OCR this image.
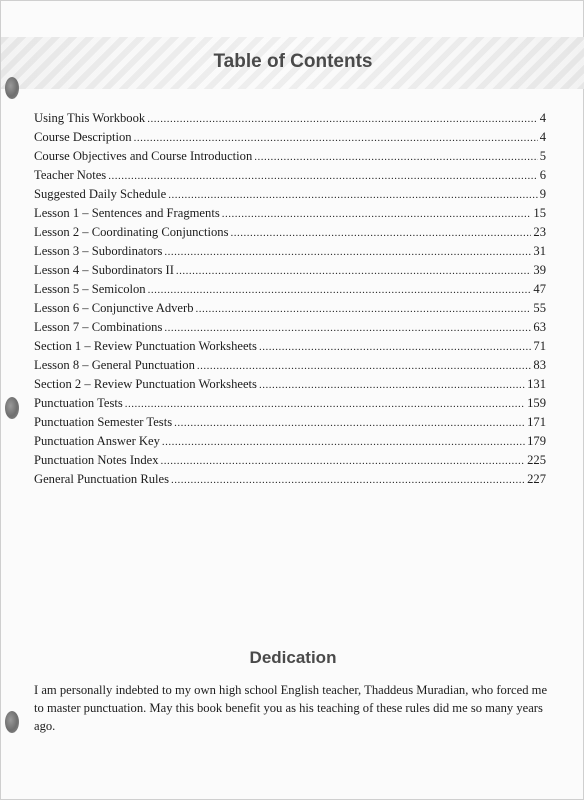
Table of Contents
Using This Workbook .....	4
Course Description .....	4
Course Objectives and Course Introduction .....	5
Teacher Notes .....	6
Suggested Daily Schedule .....	9
Lesson 1 – Sentences and Fragments .....	15
Lesson 2 – Coordinating Conjunctions .....	23
Lesson 3 – Subordinators .....	31
Lesson 4 – Subordinators II .....	39
Lesson 5 – Semicolon .....	47
Lesson 6 – Conjunctive Adverb .....	55
Lesson 7 – Combinations .....	63
Section 1 – Review Punctuation Worksheets .....	71
Lesson 8 – General Punctuation .....	83
Section 2 – Review Punctuation Worksheets .....	131
Punctuation Tests .....	159
Punctuation Semester Tests .....	171
Punctuation Answer Key .....	179
Punctuation Notes Index .....	225
General Punctuation Rules .....	227
Dedication

I am personally indebted to my own high school English teacher, Thaddeus Muradian, who forced me to master punctuation. May this book benefit you as his teaching of these rules did me so many years ago.
